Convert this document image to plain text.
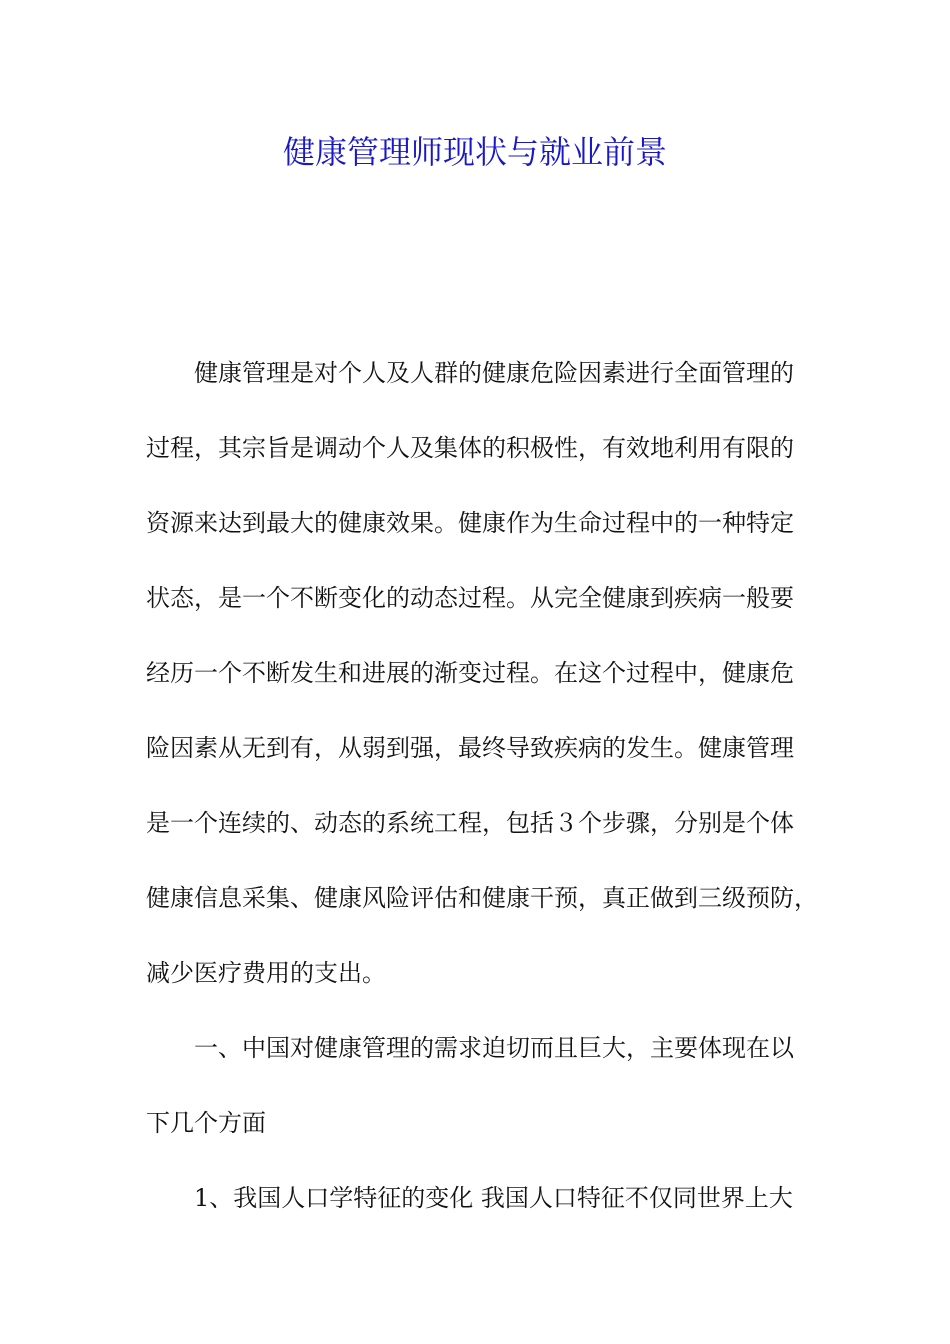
健康管理师现状与就业前景
健康管理是对个人及人群的健康危险因素进行全面管理的
过程，其宗旨是调动个人及集体的积极性，有效地利用有限的
资源来达到最大的健康效果。健康作为生命过程中的一种特定
状态，是一个不断变化的动态过程。从完全健康到疾病一般要
经历一个不断发生和进展的渐变过程。在这个过程中，健康危
险因素从无到有，从弱到强，最终导致疾病的发生。健康管理
是一个连续的、动态的系统工程，包括３个步骤，分别是个体
健康信息采集、健康风险评估和健康干预，真正做到三级预防，
减少医疗费用的支出。
一、中国对健康管理的需求迫切而且巨大，主要体现在以
下几个方面
1、我国人口学特征的变化 我国人口特征不仅同世界上大
